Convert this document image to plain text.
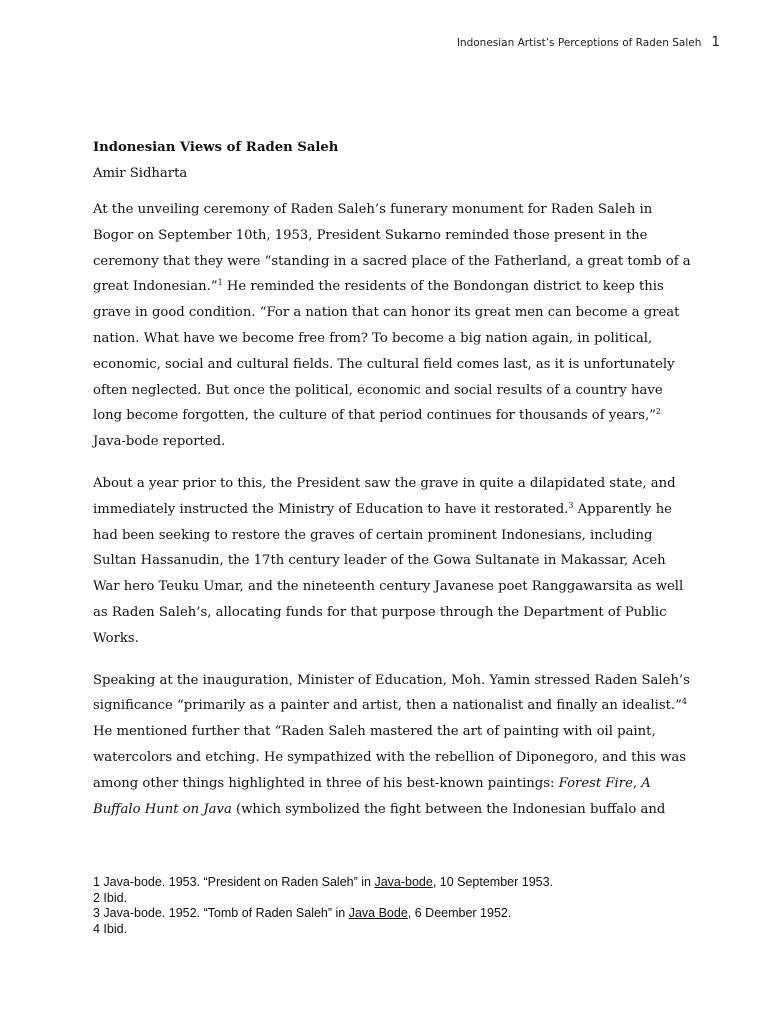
Indonesian Artist’s Perceptions of Raden Saleh 1

Indonesian Views of Raden Saleh

Amir Sidharta

At the unveiling ceremony of Raden Saleh’s funerary monument for Raden Saleh in Bogor on September 10th, 1953, President Sukarno reminded those present in the ceremony that they were “standing in a sacred place of the Fatherland, a great tomb of a great Indonesian.”$^1$ He reminded the residents of the Bondongan district to keep this grave in good condition. “For a nation that can honor its great men can become a great nation. What have we become free from? To become a big nation again, in political, economic, social and cultural fields. The cultural field comes last, as it is unfortunately often neglected. But once the political, economic and social results of a country have long become forgotten, the culture of that period continues for thousands of years,”$^2$ Java-bode reported.

About a year prior to this, the President saw the grave in quite a dilapidated state, and immediately instructed the Ministry of Education to have it restorated.$^3$ Apparently he had been seeking to restore the graves of certain prominent Indonesians, including Sultan Hassanudin, the 17th century leader of the Gowa Sultanate in Makassar, Aceh War hero Teuku Umar, and the nineteenth century Javanese poet Ranggawarsita as well as Raden Saleh’s, allocating funds for that purpose through the Department of Public Works.

Speaking at the inauguration, Minister of Education, Moh. Yamin stressed Raden Saleh’s significance “primarily as a painter and artist, then a nationalist and finally an idealist.”$^4$ He mentioned further that “Raden Saleh mastered the art of painting with oil paint, watercolors and etching. He sympathized with the rebellion of Diponegoro, and this was among other things highlighted in three of his best-known paintings: Forest Fire, A Buffalo Hunt on Java (which symbolized the fight between the Indonesian buffalo and

1 Java-bode. 1953. “President on Raden Saleh” in Java-bode, 10 September 1953.
2 Ibid.
3 Java-bode. 1952. “Tomb of Raden Saleh” in Java Bode, 6 Deember 1952.
4 Ibid.
